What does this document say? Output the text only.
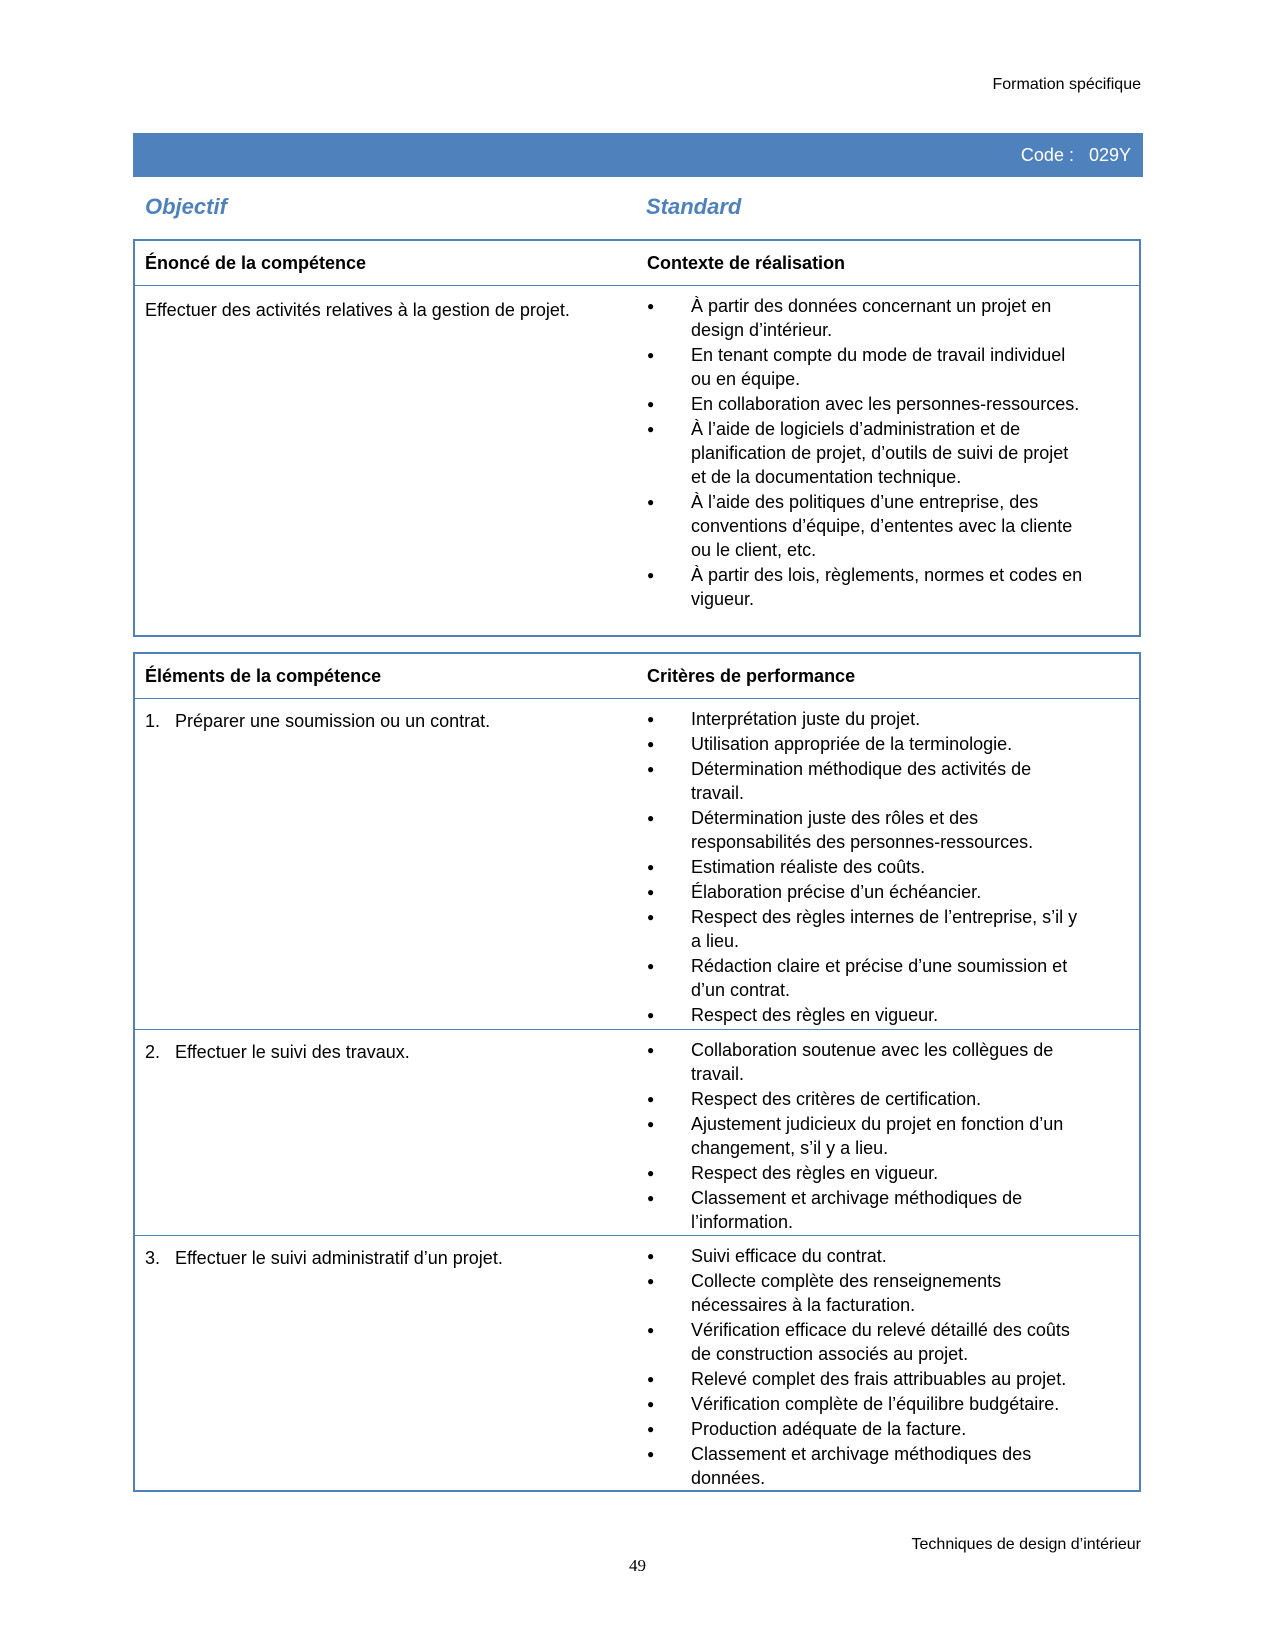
Formation spécifique
Code :   029Y
Objectif	Standard
Énoncé de la compétence	Contexte de réalisation
Effectuer des activités relatives à la gestion de projet.	● À partir des données concernant un projet en design d’intérieur.
● En tenant compte du mode de travail individuel ou en équipe.
● En collaboration avec les personnes-ressources.
● À l’aide de logiciels d’administration et de planification de projet, d’outils de suivi de projet et de la documentation technique.
● À l’aide des politiques d’une entreprise, des conventions d’équipe, d’ententes avec la cliente ou le client, etc.
● À partir des lois, règlements, normes et codes en vigueur.
Éléments de la compétence	Critères de performance
1. Préparer une soumission ou un contrat.	● Interprétation juste du projet.
● Utilisation appropriée de la terminologie.
● Détermination méthodique des activités de travail.
● Détermination juste des rôles et des responsabilités des personnes-ressources.
● Estimation réaliste des coûts.
● Élaboration précise d’un échéancier.
● Respect des règles internes de l’entreprise, s’il y a lieu.
● Rédaction claire et précise d’une soumission et d’un contrat.
● Respect des règles en vigueur.
2. Effectuer le suivi des travaux.	● Collaboration soutenue avec les collègues de travail.
● Respect des critères de certification.
● Ajustement judicieux du projet en fonction d’un changement, s’il y a lieu.
● Respect des règles en vigueur.
● Classement et archivage méthodiques de l’information.
3. Effectuer le suivi administratif d’un projet.	● Suivi efficace du contrat.
● Collecte complète des renseignements nécessaires à la facturation.
● Vérification efficace du relevé détaillé des coûts de construction associés au projet.
● Relevé complet des frais attribuables au projet.
● Vérification complète de l’équilibre budgétaire.
● Production adéquate de la facture.
● Classement et archivage méthodiques des données.
Techniques de design d’intérieur
49
